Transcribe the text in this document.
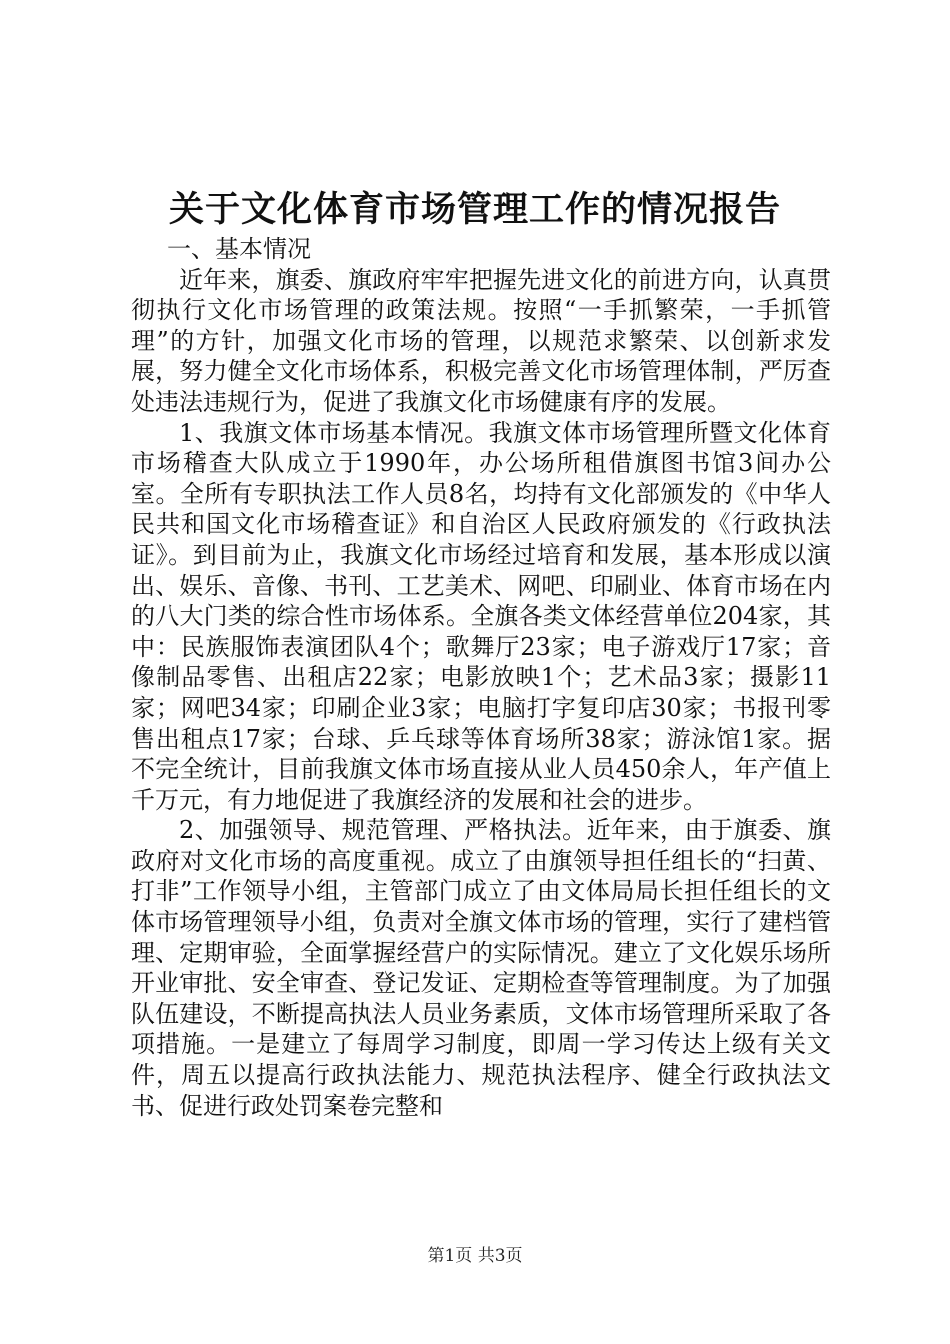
关于文化体育市场管理工作的情况报告

一、基本情况

近年来，旗委、旗政府牢牢把握先进文化的前进方向，认真贯彻执行文化市场管理的政策法规。按照“一手抓繁荣，一手抓管理”的方针，加强文化市场的管理，以规范求繁荣、以创新求发展，努力健全文化市场体系，积极完善文化市场管理体制，严厉查处违法违规行为，促进了我旗文化市场健康有序的发展。

1、我旗文体市场基本情况。我旗文体市场管理所暨文化体育市场稽查大队成立于1990年，办公场所租借旗图书馆3间办公室。全所有专职执法工作人员8名，均持有文化部颁发的《中华人民共和国文化市场稽查证》和自治区人民政府颁发的《行政执法证》。到目前为止，我旗文化市场经过培育和发展，基本形成以演出、娱乐、音像、书刊、工艺美术、网吧、印刷业、体育市场在内的八大门类的综合性市场体系。全旗各类文体经营单位204家，其中：民族服饰表演团队4个；歌舞厅23家；电子游戏厅17家；音像制品零售、出租店22家；电影放映1个；艺术品3家；摄影11家；网吧34家；印刷企业3家；电脑打字复印店30家；书报刊零售出租点17家；台球、乒乓球等体育场所38家；游泳馆1家。据不完全统计，目前我旗文体市场直接从业人员450余人，年产值上千万元，有力地促进了我旗经济的发展和社会的进步。

2、加强领导、规范管理、严格执法。近年来，由于旗委、旗政府对文化市场的高度重视。成立了由旗领导担任组长的“扫黄、打非”工作领导小组，主管部门成立了由文体局局长担任组长的文体市场管理领导小组，负责对全旗文体市场的管理，实行了建档管理、定期审验，全面掌握经营户的实际情况。建立了文化娱乐场所开业审批、安全审查、登记发证、定期检查等管理制度。为了加强队伍建设，不断提高执法人员业务素质，文体市场管理所采取了各项措施。一是建立了每周学习制度，即周一学习传达上级有关文件，周五以提高行政执法能力、规范执法程序、健全行政执法文书、促进行政处罚案卷完整和

第1页 共3页
